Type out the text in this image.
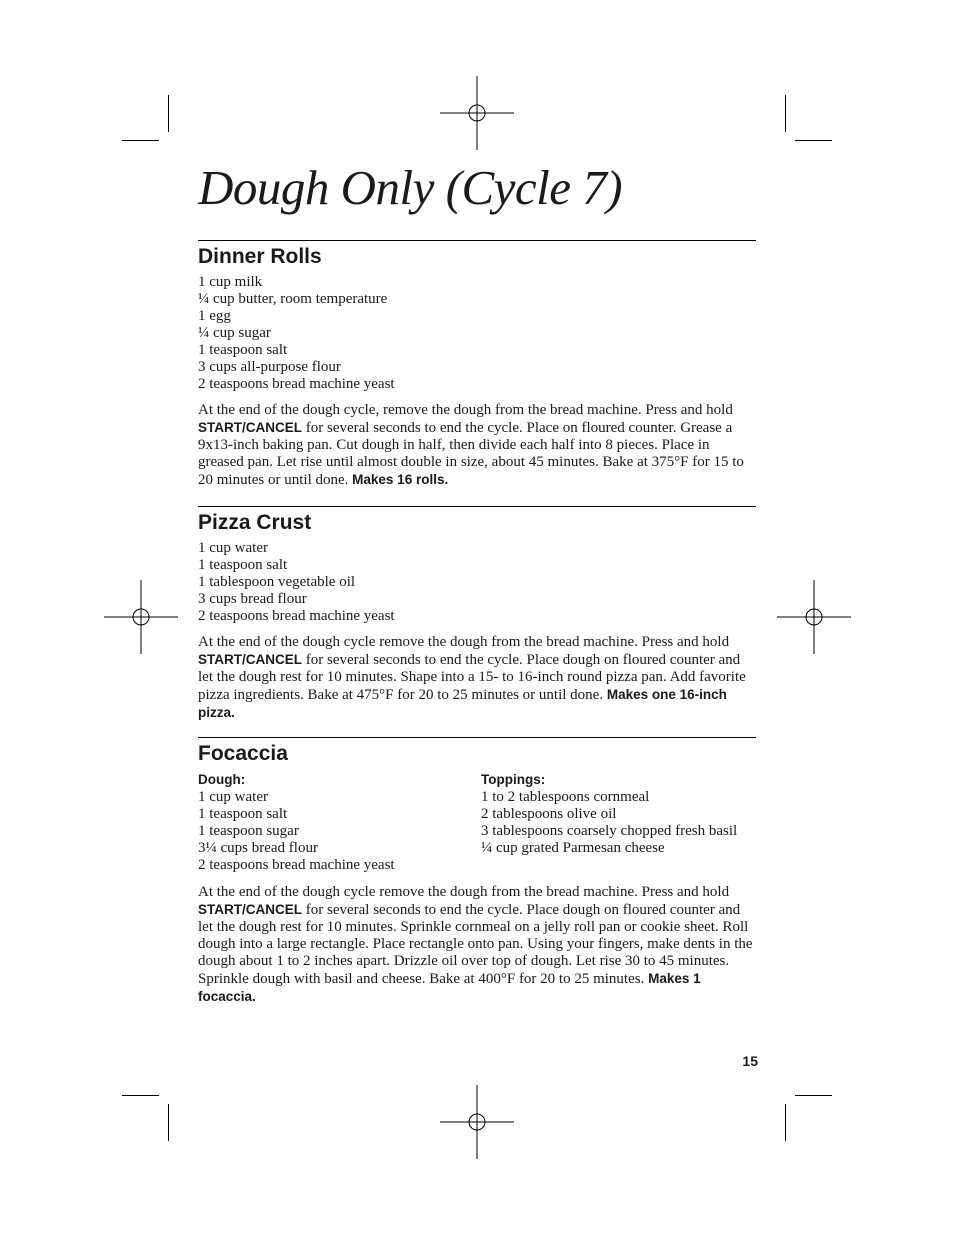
Dough Only (Cycle 7)
Dinner Rolls
1 cup milk
¼ cup butter, room temperature
1 egg
¼ cup sugar
1 teaspoon salt
3 cups all-purpose flour
2 teaspoons bread machine yeast

At the end of the dough cycle, remove the dough from the bread machine. Press and hold START/CANCEL for several seconds to end the cycle. Place on floured counter. Grease a 9x13-inch baking pan. Cut dough in half, then divide each half into 8 pieces. Place in greased pan. Let rise until almost double in size, about 45 minutes. Bake at 375°F for 15 to 20 minutes or until done. Makes 16 rolls.

Pizza Crust
1 cup water
1 teaspoon salt
1 tablespoon vegetable oil
3 cups bread flour
2 teaspoons bread machine yeast

At the end of the dough cycle remove the dough from the bread machine. Press and hold START/CANCEL for several seconds to end the cycle. Place dough on floured counter and let the dough rest for 10 minutes. Shape into a 15- to 16-inch round pizza pan. Add favorite pizza ingredients. Bake at 475°F for 20 to 25 minutes or until done. Makes one 16-inch pizza.

Focaccia
Dough:
1 cup water
1 teaspoon salt
1 teaspoon sugar
3¼ cups bread flour
2 teaspoons bread machine yeast
Toppings:
1 to 2 tablespoons cornmeal
2 tablespoons olive oil
3 tablespoons coarsely chopped fresh basil
¼ cup grated Parmesan cheese

At the end of the dough cycle remove the dough from the bread machine. Press and hold START/CANCEL for several seconds to end the cycle. Place dough on floured counter and let the dough rest for 10 minutes. Sprinkle cornmeal on a jelly roll pan or cookie sheet. Roll dough into a large rectangle. Place rectangle onto pan. Using your fingers, make dents in the dough about 1 to 2 inches apart. Drizzle oil over top of dough. Let rise 30 to 45 minutes. Sprinkle dough with basil and cheese. Bake at 400°F for 20 to 25 minutes. Makes 1 focaccia.

15
